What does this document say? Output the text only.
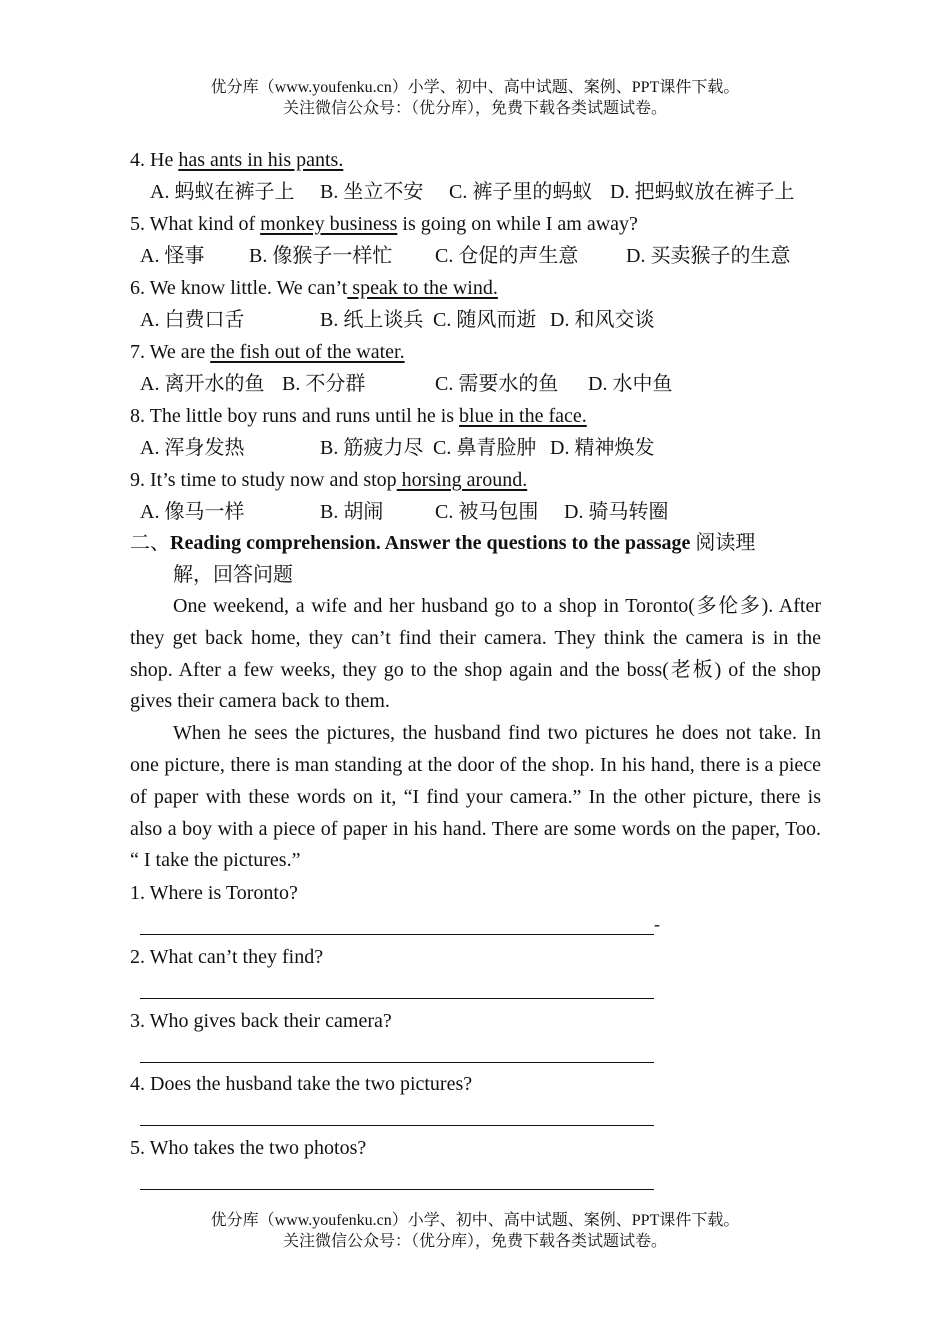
优分库（www.youfenku.cn）小学、初中、高中试题、案例、PPT课件下载。
关注微信公众号：（优分库），免费下载各类试题试卷。
4. He has ants in his pants.
A. 蚂蚁在裤子上 B. 坐立不安 C. 裤子里的蚂蚁 D. 把蚂蚁放在裤子上
5. What kind of monkey business is going on while I am away?
A. 怪事 B. 像猴子一样忙 C. 仓促的声生意 D. 买卖猴子的生意
6. We know little. We can’t speak to the wind.
A. 白费口舌	B. 纸上谈兵 C. 随风而逝 D. 和风交谈
7. We are the fish out of the water.
A. 离开水的鱼 B. 不分群	C. 需要水的鱼 D. 水中鱼
8. The little boy runs and runs until he is blue in the face.
A. 浑身发热	B. 筋疲力尽 C. 鼻青脸肿 D. 精神焕发
9. It’s time to study now and stop horsing around.
A. 像马一样	B. 胡闹	C. 被马包围 D. 骑马转圈
二、Reading comprehension. Answer the questions to the passage 阅读理
解，回答问题

One weekend, a wife and her husband go to a shop in Toronto(多伦多). After they get back home, they can’t find their camera. They think the camera is in the shop. After a few weeks, they go to the shop again and the boss(老板) of the shop gives their camera back to them.

When he sees the pictures, the husband find two pictures he does not take. In one picture, there is man standing at the door of the shop. In his hand, there is a piece of paper with these words on it, “I find your camera.” In the other picture, there is also a boy with a piece of paper in his hand. There are some words on the paper, Too. “ I take the pictures.”

1. Where is Toronto?
-
2. What can’t they find?
3. Who gives back their camera?
4. Does the husband take the two pictures?
5. Who takes the two photos?
优分库（www.youfenku.cn）小学、初中、高中试题、案例、PPT课件下载。
关注微信公众号：（优分库），免费下载各类试题试卷。
